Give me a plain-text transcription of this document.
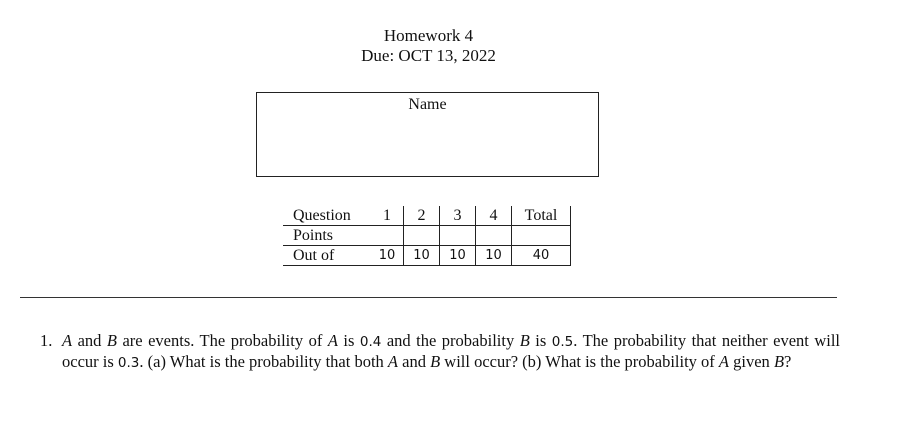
Homework 4
Due: OCT 13, 2022
Name
Question	1	2	3	4	Total
Points					
Out of	10	10	10	10	40
1. A and B are events. The probability of A is 0.4 and the probability B is 0.5. The probability that neither event will occur is 0.3. (a) What is the probability that both A and B will occur? (b) What is the probability of A given B?
